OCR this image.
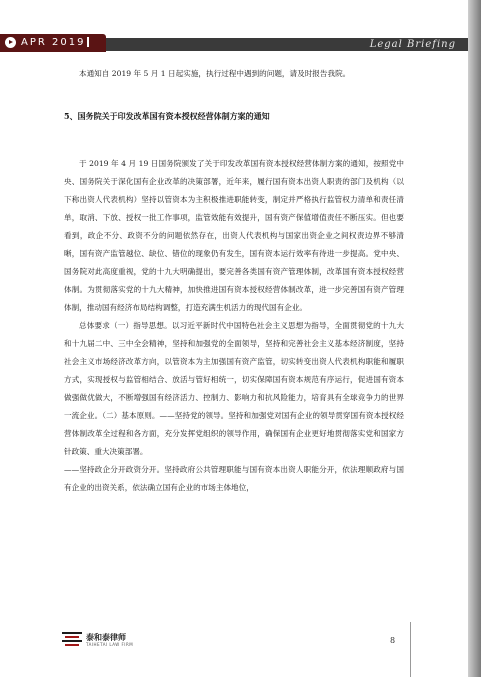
APR 2019	Legal Briefing

本通知自 2019 年 5 月 1 日起实施，执行过程中遇到的问题，请及时报告我院。

5、国务院关于印发改革国有资本授权经营体制方案的通知

于 2019 年 4 月 19 日国务院颁发了关于印发改革国有资本授权经营体制方案的通知，按照党中央、国务院关于深化国有企业改革的决策部署，近年来，履行国有资本出资人职责的部门及机构（以下称出资人代表机构）坚持以管资本为主积极推进职能转变，制定并严格执行监管权力清单和责任清单，取消、下放、授权一批工作事项，监管效能有效提升，国有资产保值增值责任不断压实。但也要看到，政企不分、政资不分的问题依然存在，出资人代表机构与国家出资企业之间权责边界不够清晰，国有资产监管越位、缺位、错位的现象仍有发生，国有资本运行效率有待进一步提高。党中央、国务院对此高度重视，党的十九大明确提出，要完善各类国有资产管理体制，改革国有资本授权经营体制。为贯彻落实党的十九大精神，加快推进国有资本授权经营体制改革，进一步完善国有资产管理体制，推动国有经济布局结构调整，打造充满生机活力的现代国有企业。

总体要求（一）指导思想。以习近平新时代中国特色社会主义思想为指导，全面贯彻党的十九大和十九届二中、三中全会精神，坚持和加强党的全面领导，坚持和完善社会主义基本经济制度，坚持社会主义市场经济改革方向，以管资本为主加强国有资产监管，切实转变出资人代表机构职能和履职方式，实现授权与监管相结合、放活与管好相统一，切实保障国有资本规范有序运行，促进国有资本做强做优做大，不断增强国有经济活力、控制力、影响力和抗风险能力，培育具有全球竞争力的世界一流企业。（二）基本原则。——坚持党的领导。坚持和加强党对国有企业的领导贯穿国有资本授权经营体制改革全过程和各方面，充分发挥党组织的领导作用，确保国有企业更好地贯彻落实党和国家方针政策、重大决策部署。

——坚持政企分开政资分开。坚持政府公共管理职能与国有资本出资人职能分开，依法理顺政府与国有企业的出资关系，依法确立国有企业的市场主体地位，

泰和泰律师
TAIHETAI LAW FIRM	8
